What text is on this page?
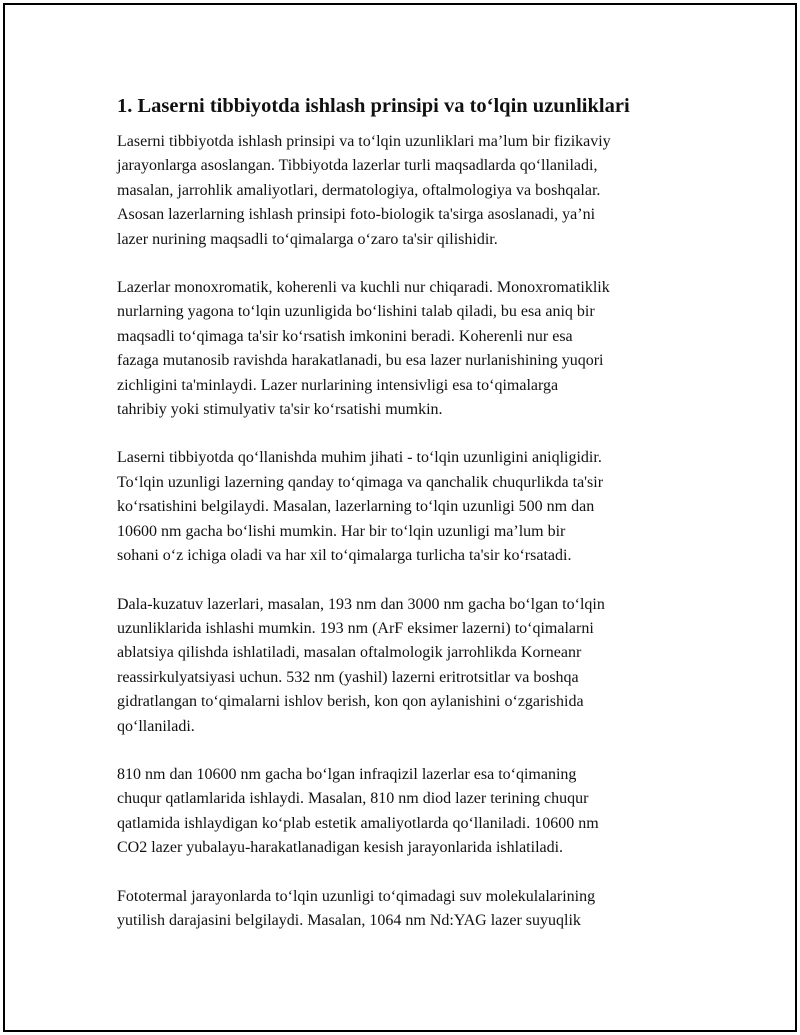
1. Laserni tibbiyotda ishlash prinsipi va to‘lqin uzunliklari

Laserni tibbiyotda ishlash prinsipi va to‘lqin uzunliklari ma’lum bir fizikaviy
jarayonlarga asoslangan. Tibbiyotda lazerlar turli maqsadlarda qo‘llaniladi,
masalan, jarrohlik amaliyotlari, dermatologiya, oftalmologiya va boshqalar.
Asosan lazerlarning ishlash prinsipi foto-biologik ta'sirga asoslanadi, ya’ni
lazer nurining maqsadli to‘qimalarga o‘zaro ta'sir qilishidir.

Lazerlar monoxromatik, koherenli va kuchli nur chiqaradi. Monoxromatiklik
nurlarning yagona to‘lqin uzunligida bo‘lishini talab qiladi, bu esa aniq bir
maqsadli to‘qimaga ta'sir ko‘rsatish imkonini beradi. Koherenli nur esa
fazaga mutanosib ravishda harakatlanadi, bu esa lazer nurlanishining yuqori
zichligini ta'minlaydi. Lazer nurlarining intensivligi esa to‘qimalarga
tahribiy yoki stimulyativ ta'sir ko‘rsatishi mumkin.

Laserni tibbiyotda qo‘llanishda muhim jihati - to‘lqin uzunligini aniqligidir.
To‘lqin uzunligi lazerning qanday to‘qimaga va qanchalik chuqurlikda ta'sir
ko‘rsatishini belgilaydi. Masalan, lazerlarning to‘lqin uzunligi 500 nm dan
10600 nm gacha bo‘lishi mumkin. Har bir to‘lqin uzunligi ma’lum bir
sohani o‘z ichiga oladi va har xil to‘qimalarga turlicha ta'sir ko‘rsatadi.

Dala-kuzatuv lazerlari, masalan, 193 nm dan 3000 nm gacha bo‘lgan to‘lqin
uzunliklarida ishlashi mumkin. 193 nm (ArF eksimer lazerni) to‘qimalarni
ablatsiya qilishda ishlatiladi, masalan oftalmologik jarrohlikda Korneanr
reassirkulyatsiyasi uchun. 532 nm (yashil) lazerni eritrotsitlar va boshqa
gidratlangan to‘qimalarni ishlov berish, kon qon aylanishini o‘zgarishida
qo‘llaniladi.

810 nm dan 10600 nm gacha bo‘lgan infraqizil lazerlar esa to‘qimaning
chuqur qatlamlarida ishlaydi. Masalan, 810 nm diod lazer terining chuqur
qatlamida ishlaydigan ko‘plab estetik amaliyotlarda qo‘llaniladi. 10600 nm
CO2 lazer yubalayu-harakatlanadigan kesish jarayonlarida ishlatiladi.

Fototermal jarayonlarda to‘lqin uzunligi to‘qimadagi suv molekulalarining
yutilish darajasini belgilaydi. Masalan, 1064 nm Nd:YAG lazer suyuqlik
